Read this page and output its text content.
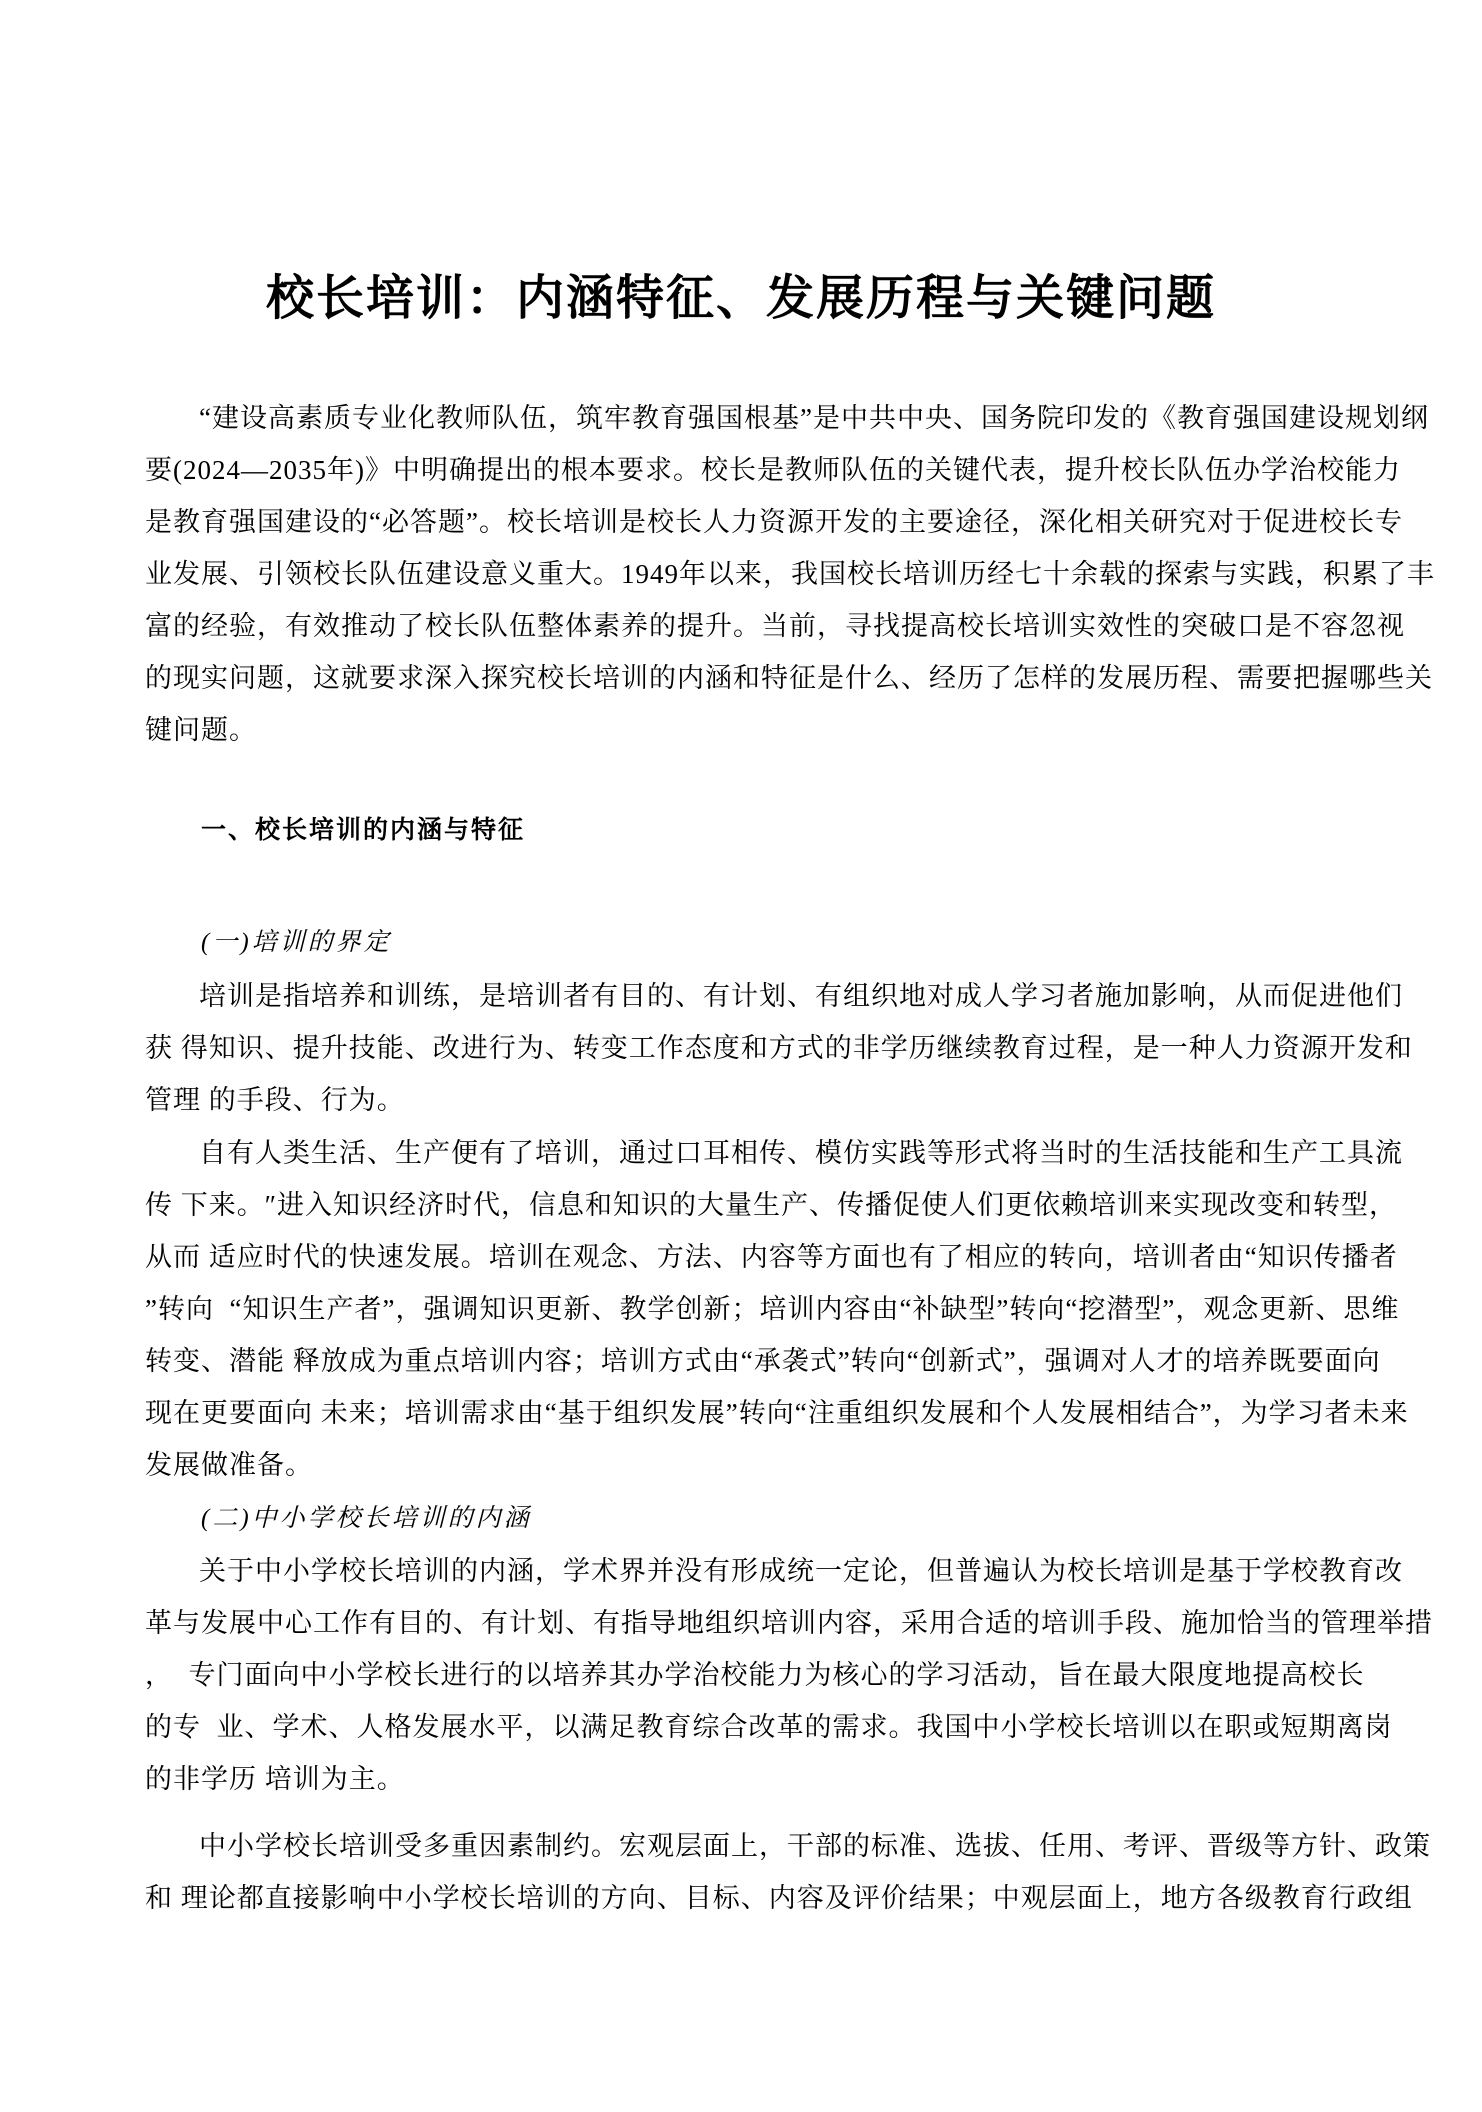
校长培训：内涵特征、发展历程与关键问题
“建设高素质专业化教师队伍，筑牢教育强国根基”是中共中央、国务院印发的《教育强国建设规划纲
要(2024—2035年)》中明确提出的根本要求。校长是教师队伍的关键代表，提升校长队伍办学治校能力
是教育强国建设的“必答题”。校长培训是校长人力资源开发的主要途径，深化相关研究对于促进校长专
业发展、引领校长队伍建设意义重大。1949年以来，我国校长培训历经七十余载的探索与实践，积累了丰
富的经验，有效推动了校长队伍整体素养的提升。当前，寻找提高校长培训实效性的突破口是不容忽视
的现实问题，这就要求深入探究校长培训的内涵和特征是什么、经历了怎样的发展历程、需要把握哪些关
键问题。
一、校长培训的内涵与特征
(一)培训的界定
培训是指培养和训练，是培训者有目的、有计划、有组织地对成人学习者施加影响，从而促进他们
获 得知识、提升技能、改进行为、转变工作态度和方式的非学历继续教育过程，是一种人力资源开发和
管理 的手段、行为。
自有人类生活、生产便有了培训，通过口耳相传、模仿实践等形式将当时的生活技能和生产工具流
传 下来。″进入知识经济时代，信息和知识的大量生产、传播促使人们更依赖培训来实现改变和转型，
从而 适应时代的快速发展。培训在观念、方法、内容等方面也有了相应的转向，培训者由“知识传播者
”转向  “知识生产者”，强调知识更新、教学创新；培训内容由“补缺型”转向“挖潜型”，观念更新、思维
转变、潜能 释放成为重点培训内容；培训方式由“承袭式”转向“创新式”，强调对人才的培养既要面向
现在更要面向 未来；培训需求由“基于组织发展”转向“注重组织发展和个人发展相结合”，为学习者未来
发展做准备。
(二)中小学校长培训的内涵
关于中小学校长培训的内涵，学术界并没有形成统一定论，但普遍认为校长培训是基于学校教育改
革与发展中心工作有目的、有计划、有指导地组织培训内容，采用合适的培训手段、施加恰当的管理举措
，  专门面向中小学校长进行的以培养其办学治校能力为核心的学习活动，旨在最大限度地提高校长
的专  业、学术、人格发展水平，以满足教育综合改革的需求。我国中小学校长培训以在职或短期离岗
的非学历 培训为主。
中小学校长培训受多重因素制约。宏观层面上，干部的标准、选拔、任用、考评、晋级等方针、政策
和 理论都直接影响中小学校长培训的方向、目标、内容及评价结果；中观层面上，地方各级教育行政组
